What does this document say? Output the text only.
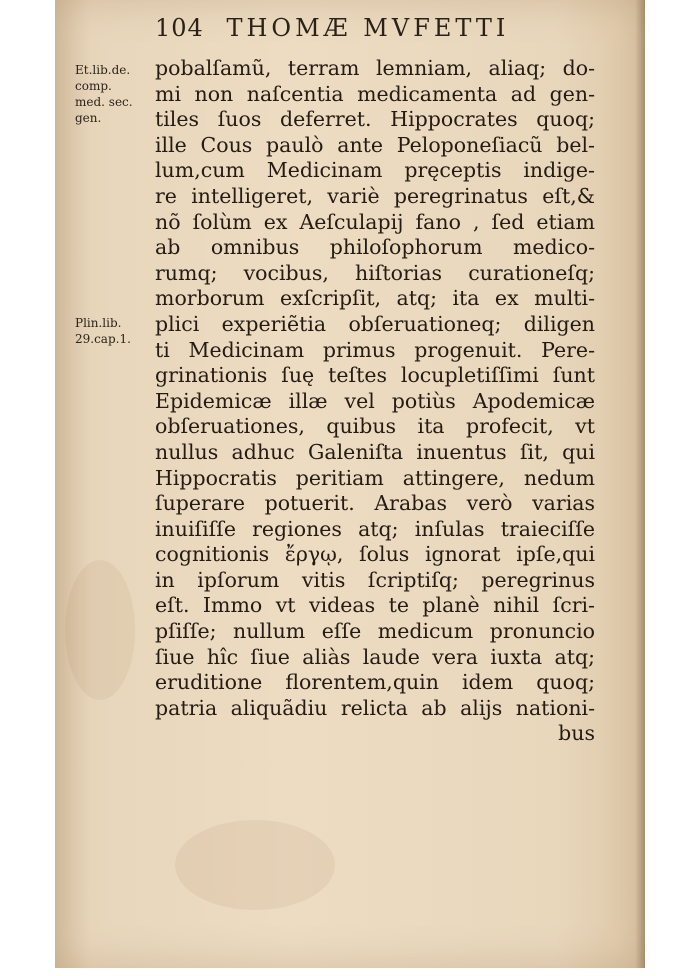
104 THOMÆ MVFETTI
Et.lib.de.
comp.
med. sec.
gen.
Plin.lib.
29.cap.1.
pobalſamũ, terram lemniam, aliaq; do-
mi non naſcentia medicamenta ad gen-
tiles ſuos deferret. Hippocrates quoq;
ille Cous paulò ante Peloponeſiacũ bel-
lum,cum Medicinam pręceptis indige-
re intelligeret, variè peregrinatus eſt,&
nõ ſolùm ex Aeſculapij fano , ſed etiam
ab omnibus philoſophorum medico-
rumq; vocibus, hiſtorias curationeſq;
morborum exſcripſit, atq; ita ex multi-
plici experiẽtia obſeruationeq; diligen
ti Medicinam primus progenuit. Pere-
grinationis ſuę teſtes locupletiſſimi ſunt
Epidemicæ illæ vel potiùs Apodemicæ
obſeruationes, quibus ita profecit, vt
nullus adhuc Galeniſta inuentus ſit, qui
Hippocratis peritiam attingere, nedum
ſuperare potuerit. Arabas verò varias
inuiſiſſe regiones atq; inſulas traieciſſe
cognitionis ἔργῳ, ſolus ignorat ipſe,qui
in ipſorum vitis ſcriptiſq; peregrinus
eſt. Immo vt videas te planè nihil ſcri-
pſiſſe; nullum eſſe medicum pronuncio
ſiue hîc ſiue aliàs laude vera iuxta atq;
eruditione florentem,quin idem quoq;
patria aliquãdiu relicta ab alijs nationi-
bus
